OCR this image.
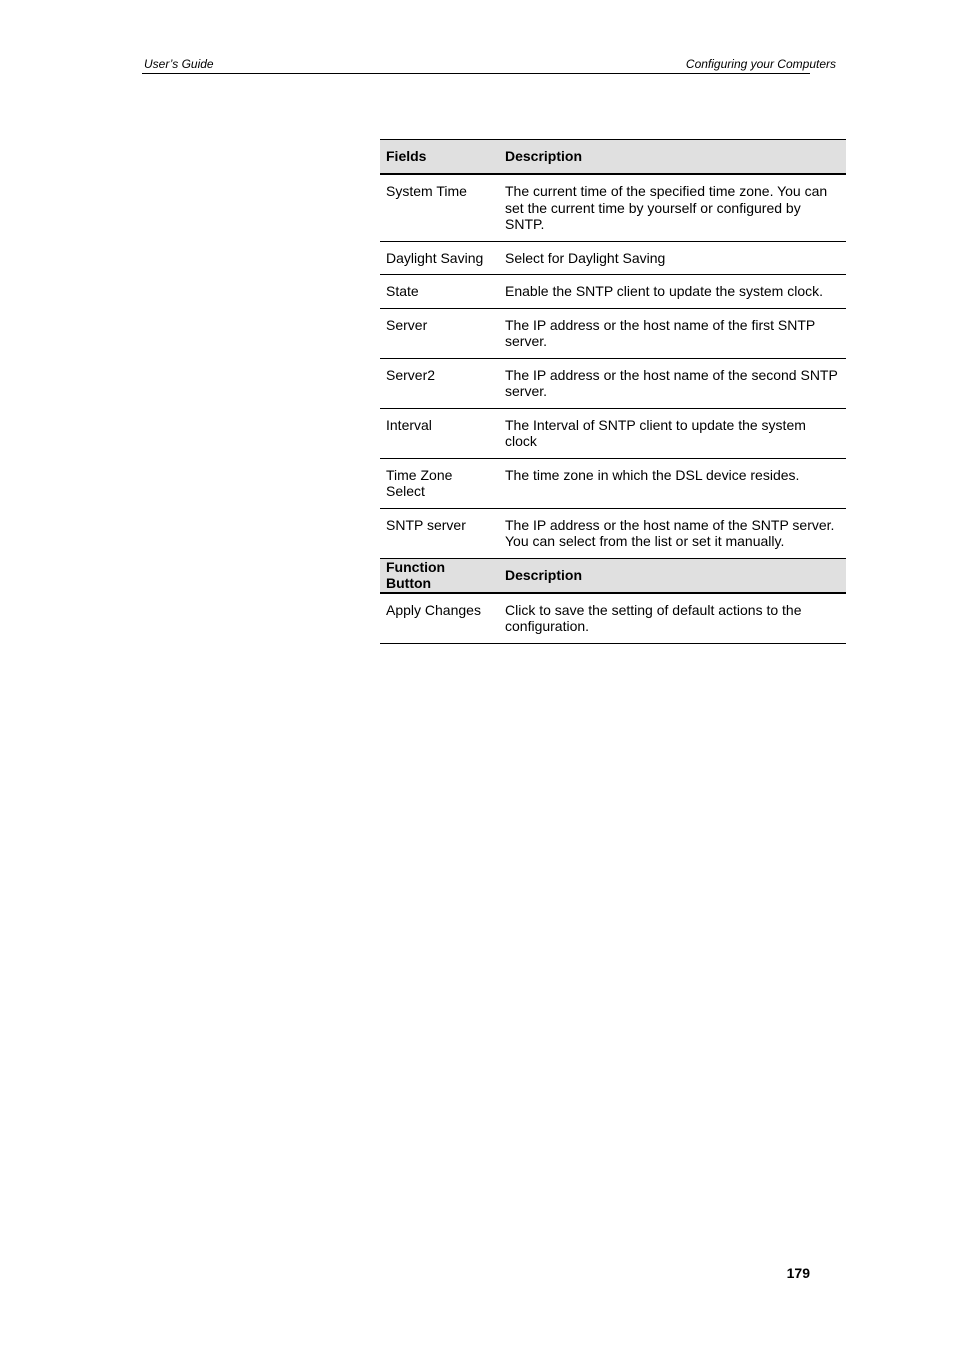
User’s Guide	Configuring your Computers
Fields	Description
System Time	The current time of the specified time zone. You can
set the current time by yourself or configured by SNTP.
Daylight Saving	Select for Daylight Saving
State	Enable the SNTP client to update the system clock.
Server	The IP address or the host name of the first SNTP
server.
Server2	The IP address or the host name of the second SNTP
server.
Interval	The Interval of SNTP client to update the system clock
Time Zone
Select	The time zone in which the DSL device resides.
SNTP server	The IP address or the host name of the SNTP server.
You can select from the list or set it manually.
Function Button	Description
Apply Changes	Click to save the setting of default actions to the
configuration.
179
